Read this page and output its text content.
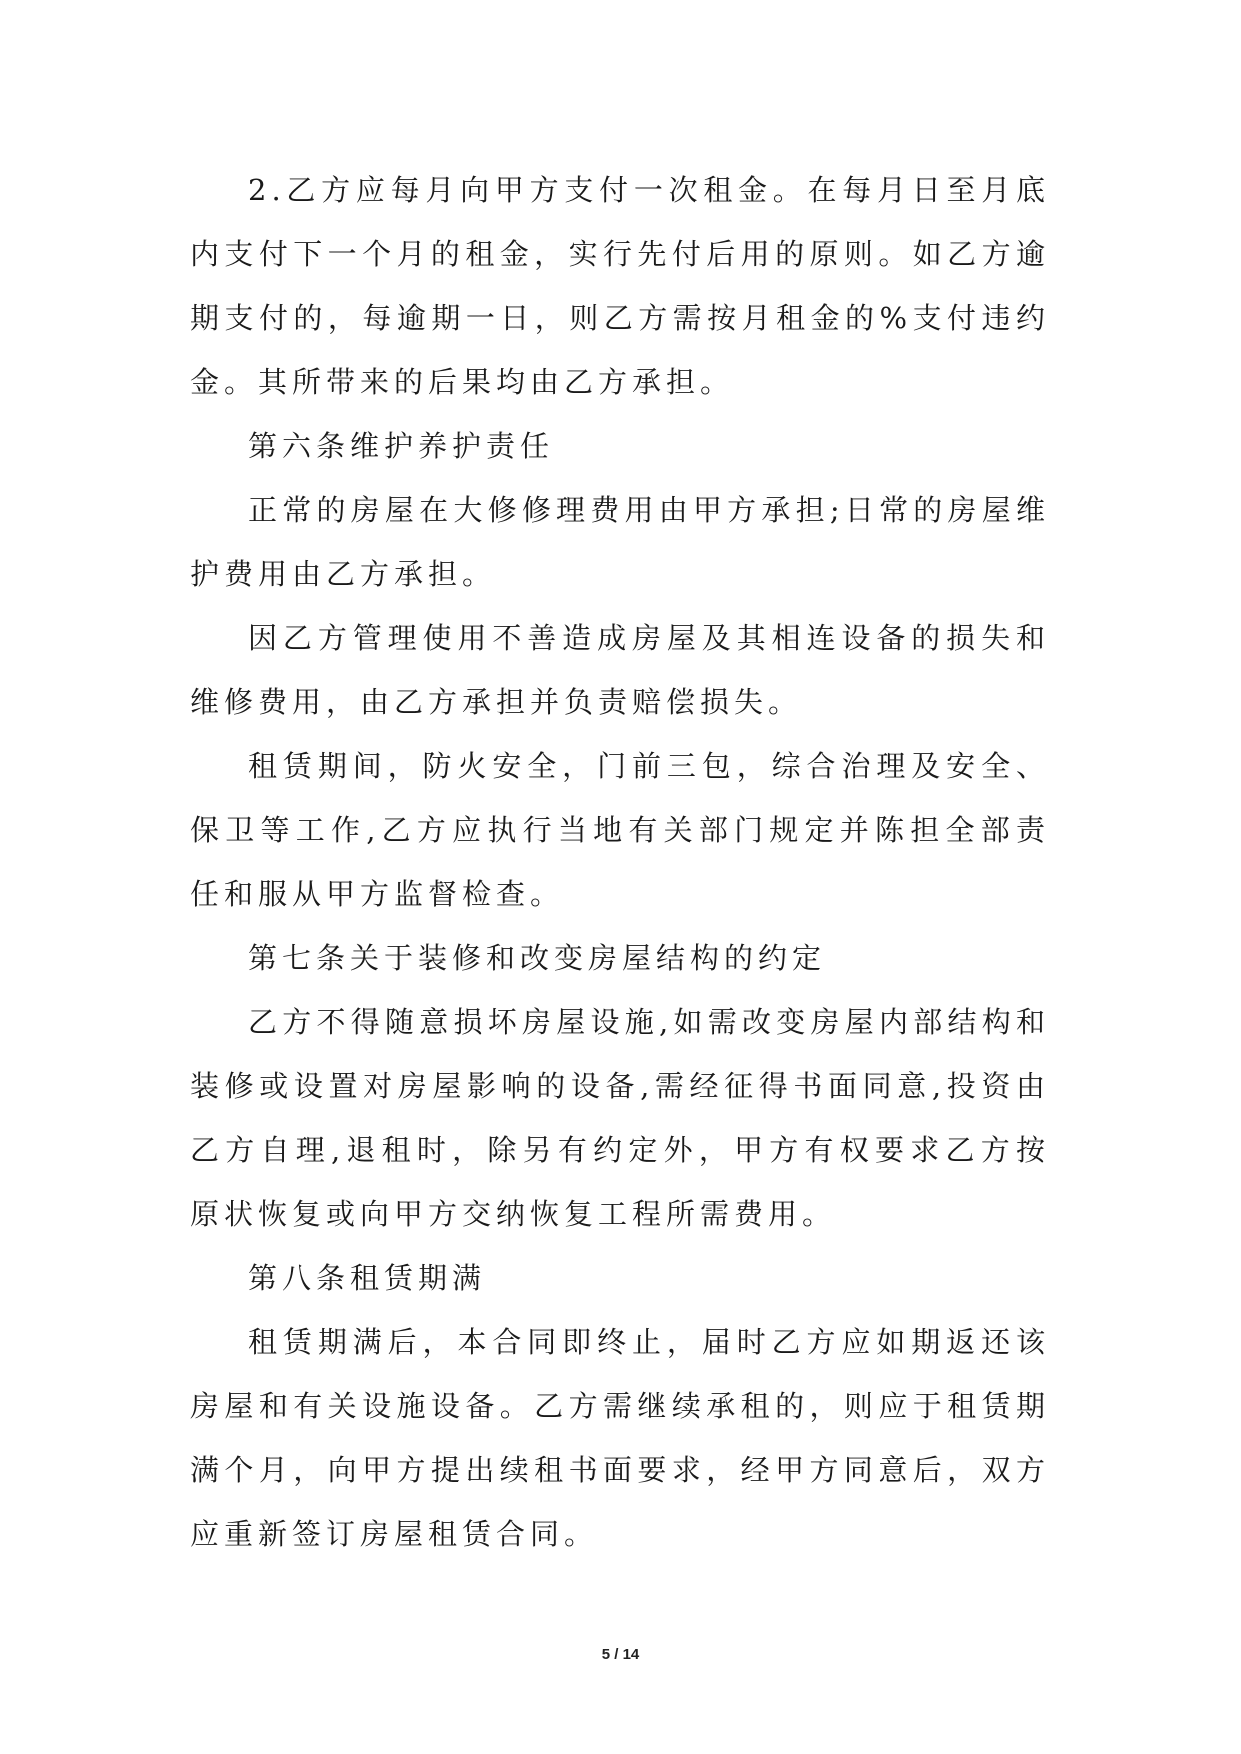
2.乙方应每月向甲方支付一次租金。在每月日至月底内支付下一个月的租金，实行先付后用的原则。如乙方逾期支付的，每逾期一日，则乙方需按月租金的%支付违约金。其所带来的后果均由乙方承担。

第六条维护养护责任

正常的房屋在大修修理费用由甲方承担;日常的房屋维护费用由乙方承担。

因乙方管理使用不善造成房屋及其相连设备的损失和维修费用，由乙方承担并负责赔偿损失。

租赁期间，防火安全，门前三包，综合治理及安全、保卫等工作,乙方应执行当地有关部门规定并陈担全部责任和服从甲方监督检查。

第七条关于装修和改变房屋结构的约定

乙方不得随意损坏房屋设施,如需改变房屋内部结构和装修或设置对房屋影响的设备,需经征得书面同意,投资由乙方自理,退租时，除另有约定外，甲方有权要求乙方按原状恢复或向甲方交纳恢复工程所需费用。

第八条租赁期满

租赁期满后，本合同即终止，届时乙方应如期返还该房屋和有关设施设备。乙方需继续承租的，则应于租赁期满个月，向甲方提出续租书面要求，经甲方同意后，双方应重新签订房屋租赁合同。

5 / 14
